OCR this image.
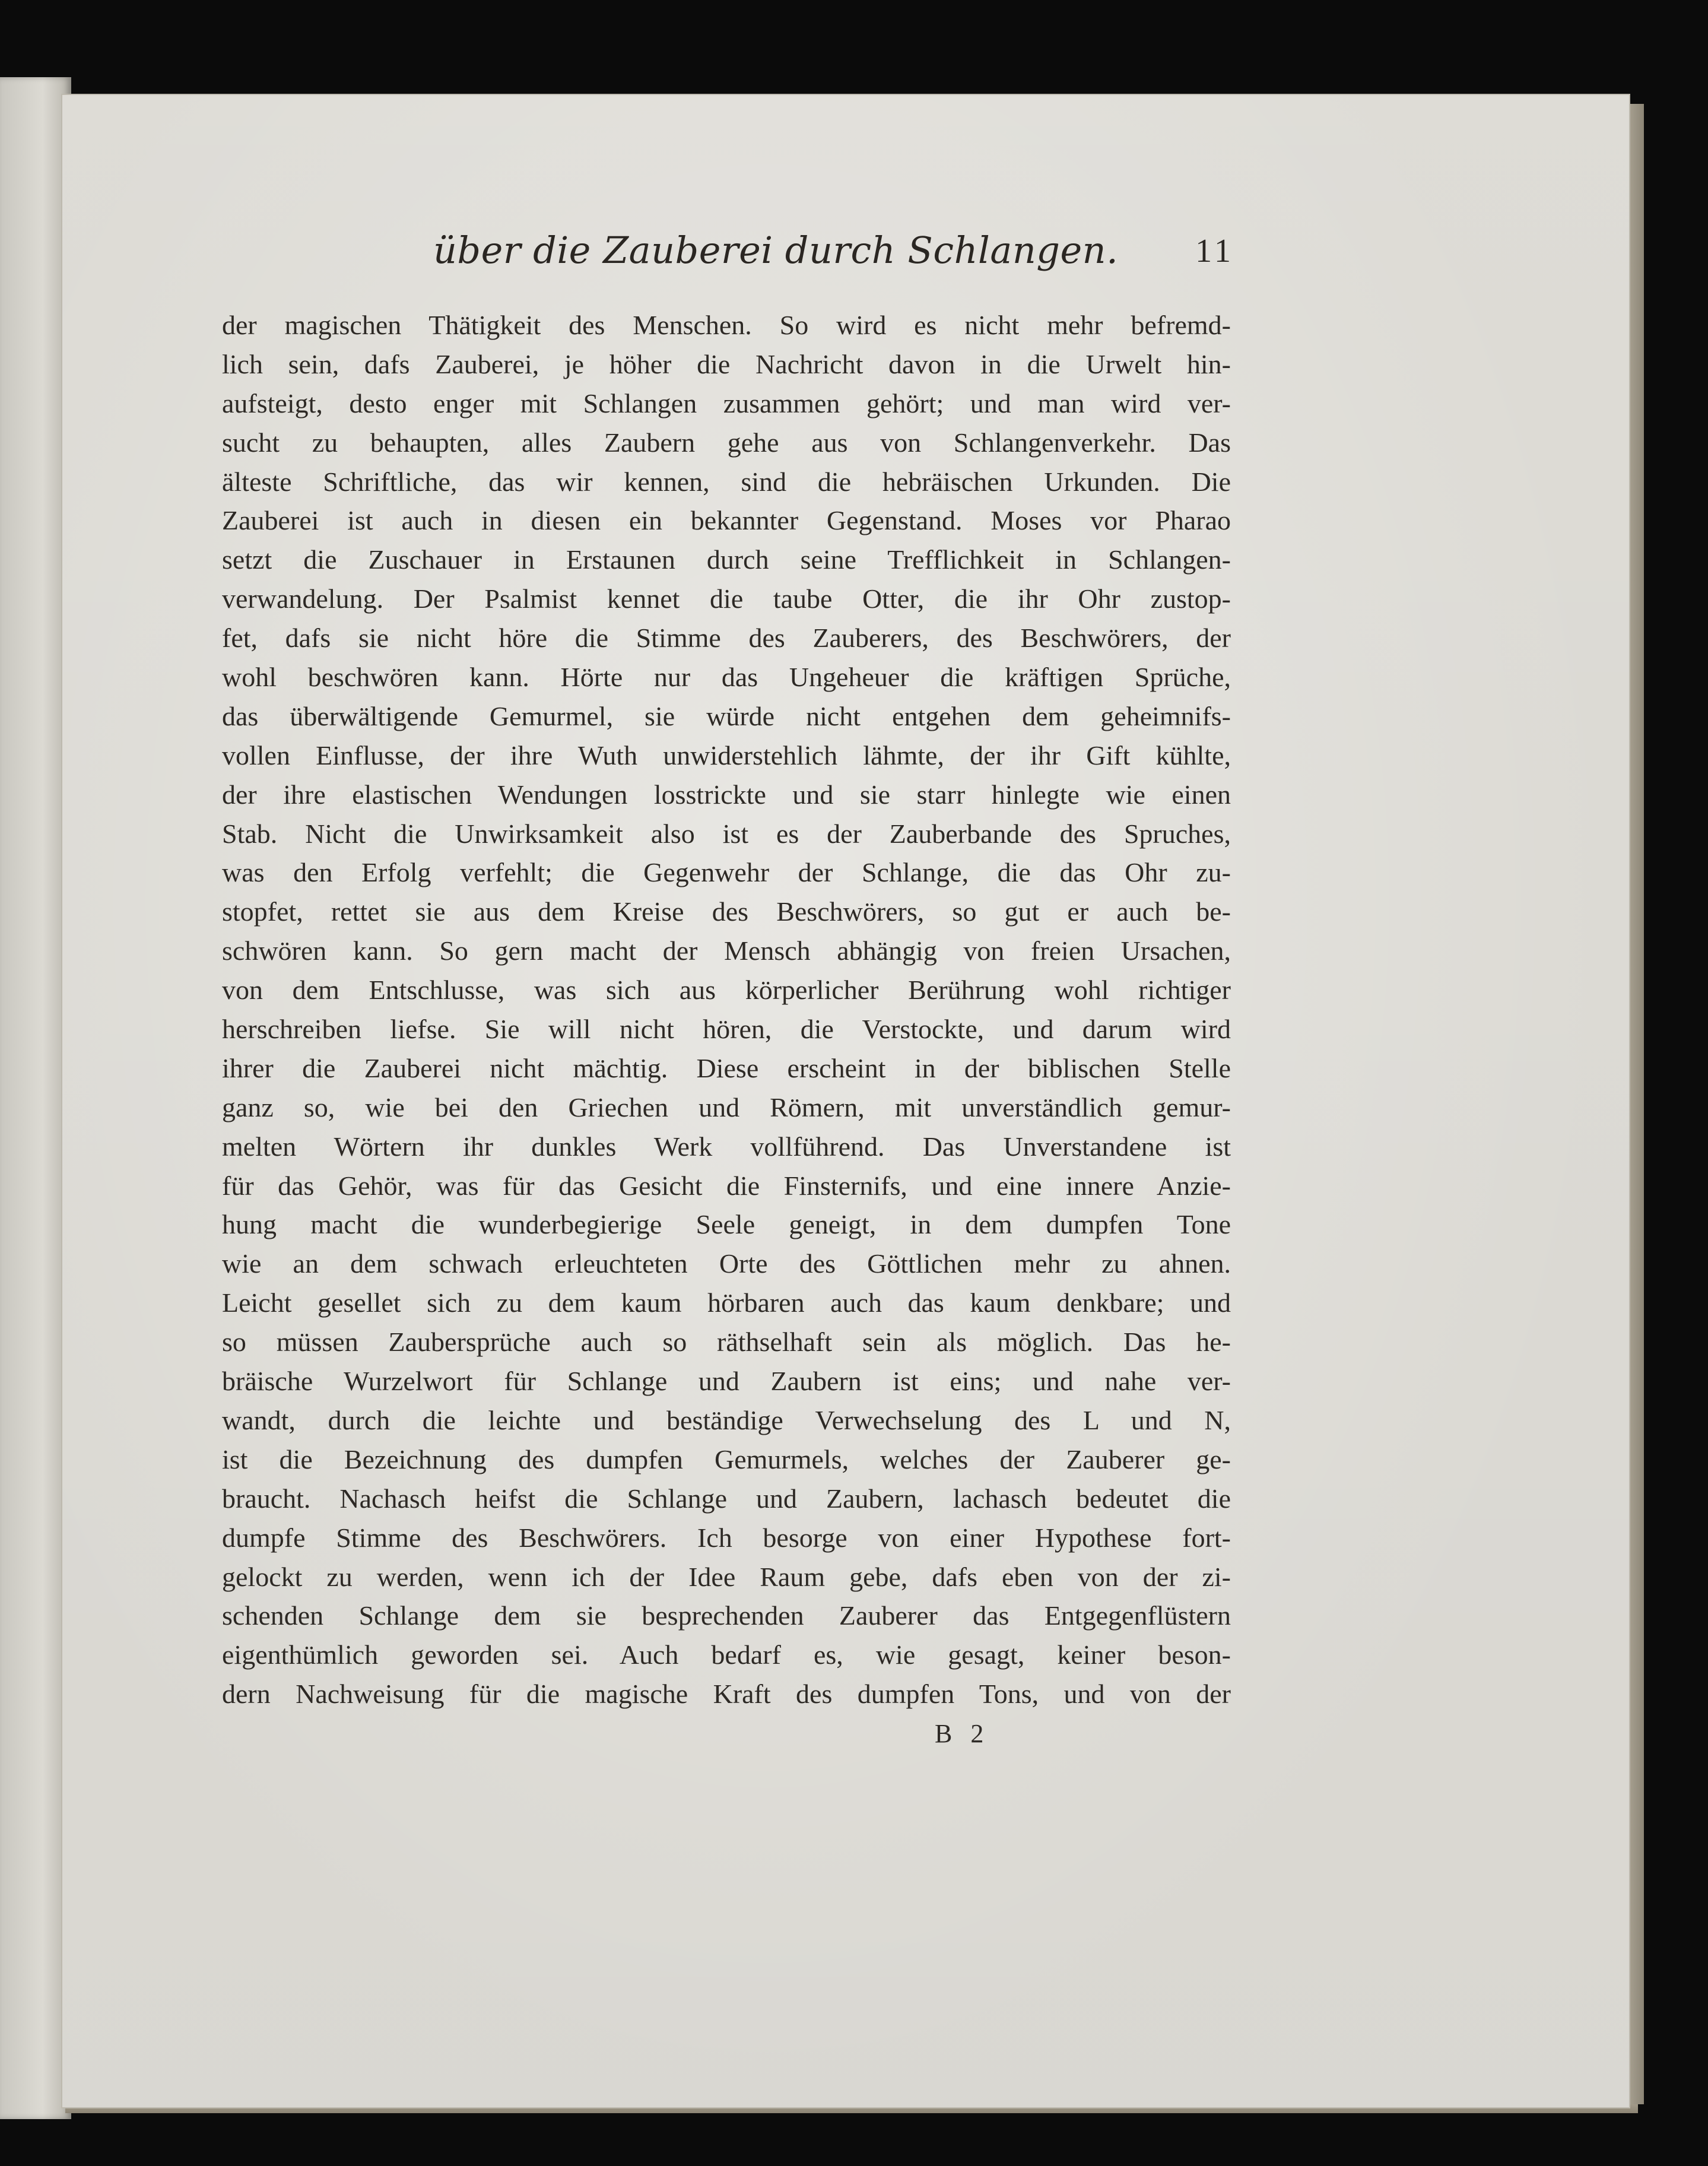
über die Zauberei durch Schlangen. 11
der magischen Thätigkeit des Menschen. So wird es nicht mehr befremd-
lich sein, dafs Zauberei, je höher die Nachricht davon in die Urwelt hin-
aufsteigt, desto enger mit Schlangen zusammen gehört; und man wird ver-
sucht zu behaupten, alles Zaubern gehe aus von Schlangenverkehr. Das
älteste Schriftliche, das wir kennen, sind die hebräischen Urkunden. Die
Zauberei ist auch in diesen ein bekannter Gegenstand. Moses vor Pharao
setzt die Zuschauer in Erstaunen durch seine Trefflichkeit in Schlangen-
verwandelung. Der Psalmist kennet die taube Otter, die ihr Ohr zustop-
fet, dafs sie nicht höre die Stimme des Zauberers, des Beschwörers, der
wohl beschwören kann. Hörte nur das Ungeheuer die kräftigen Sprüche,
das überwältigende Gemurmel, sie würde nicht entgehen dem geheimnifs-
vollen Einflusse, der ihre Wuth unwiderstehlich lähmte, der ihr Gift kühlte,
der ihre elastischen Wendungen losstrickte und sie starr hinlegte wie einen
Stab. Nicht die Unwirksamkeit also ist es der Zauberbande des Spruches,
was den Erfolg verfehlt; die Gegenwehr der Schlange, die das Ohr zu-
stopfet, rettet sie aus dem Kreise des Beschwörers, so gut er auch be-
schwören kann. So gern macht der Mensch abhängig von freien Ursachen,
von dem Entschlusse, was sich aus körperlicher Berührung wohl richtiger
herschreiben liefse. Sie will nicht hören, die Verstockte, und darum wird
ihrer die Zauberei nicht mächtig. Diese erscheint in der biblischen Stelle
ganz so, wie bei den Griechen und Römern, mit unverständlich gemur-
melten Wörtern ihr dunkles Werk vollführend. Das Unverstandene ist
für das Gehör, was für das Gesicht die Finsternifs, und eine innere Anzie-
hung macht die wunderbegierige Seele geneigt, in dem dumpfen Tone
wie an dem schwach erleuchteten Orte des Göttlichen mehr zu ahnen.
Leicht gesellet sich zu dem kaum hörbaren auch das kaum denkbare; und
so müssen Zaubersprüche auch so räthselhaft sein als möglich. Das he-
bräische Wurzelwort für Schlange und Zaubern ist eins; und nahe ver-
wandt, durch die leichte und beständige Verwechselung des L und N,
ist die Bezeichnung des dumpfen Gemurmels, welches der Zauberer ge-
braucht. Nachasch heifst die Schlange und Zaubern, lachasch bedeutet die
dumpfe Stimme des Beschwörers. Ich besorge von einer Hypothese fort-
gelockt zu werden, wenn ich der Idee Raum gebe, dafs eben von der zi-
schenden Schlange dem sie besprechenden Zauberer das Entgegenflüstern
eigenthümlich geworden sei. Auch bedarf es, wie gesagt, keiner beson-
dern Nachweisung für die magische Kraft des dumpfen Tons, und von der
B 2
